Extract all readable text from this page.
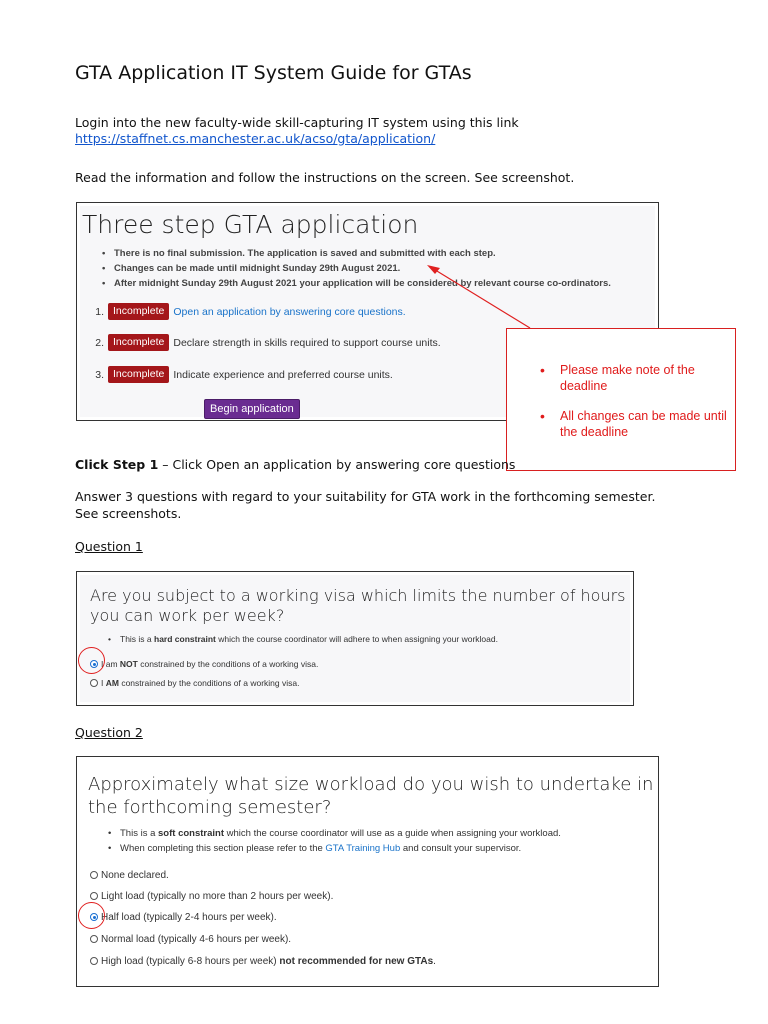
GTA Application IT System Guide for GTAs
Login into the new faculty-wide skill-capturing IT system using this link
https://staffnet.cs.manchester.ac.uk/acso/gta/application/
Read the information and follow the instructions on the screen. See screenshot.
Three step GTA application
• There is no final submission. The application is saved and submitted with each step.
• Changes can be made until midnight Sunday 29th August 2021.
• After midnight Sunday 29th August 2021 your application will be considered by relevant course co-ordinators.
1. Incomplete Open an application by answering core questions.
2. Incomplete Declare strength in skills required to support course units.
3. Incomplete Indicate experience and preferred course units.
Begin application
• Please make note of the deadline
• All changes can be made until the deadline
Click Step 1 – Click Open an application by answering core questions
Answer 3 questions with regard to your suitability for GTA work in the forthcoming semester. See screenshots.
Question 1
Are you subject to a working visa which limits the number of hours you can work per week?
• This is a hard constraint which the course coordinator will adhere to when assigning your workload.
I am NOT constrained by the conditions of a working visa.
I AM constrained by the conditions of a working visa.
Question 2
Approximately what size workload do you wish to undertake in the forthcoming semester?
• This is a soft constraint which the course coordinator will use as a guide when assigning your workload.
• When completing this section please refer to the GTA Training Hub and consult your supervisor.
None declared.
Light load (typically no more than 2 hours per week).
Half load (typically 2-4 hours per week).
Normal load (typically 4-6 hours per week).
High load (typically 6-8 hours per week) not recommended for new GTAs.
